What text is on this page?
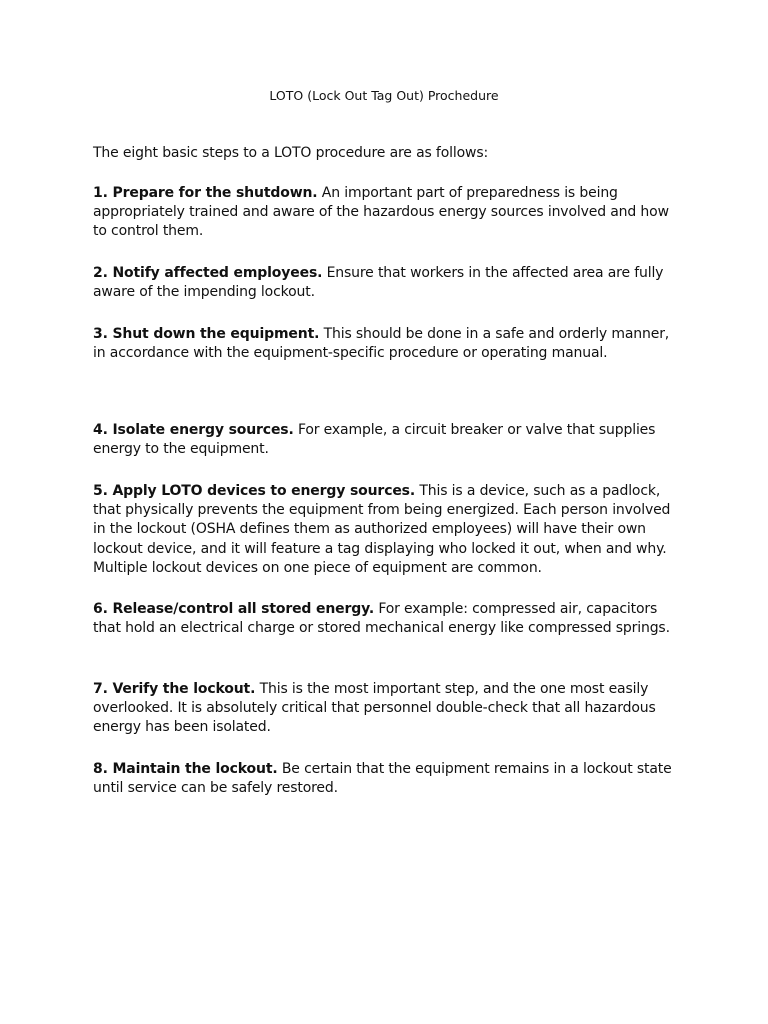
LOTO (Lock Out Tag Out) Prochedure

The eight basic steps to a LOTO procedure are as follows:

1. Prepare for the shutdown. An important part of preparedness is being appropriately trained and aware of the hazardous energy sources involved and how to control them.

2. Notify affected employees. Ensure that workers in the affected area are fully aware of the impending lockout.

3. Shut down the equipment. This should be done in a safe and orderly manner, in accordance with the equipment-specific procedure or operating manual.

4. Isolate energy sources. For example, a circuit breaker or valve that supplies energy to the equipment.

5. Apply LOTO devices to energy sources. This is a device, such as a padlock, that physically prevents the equipment from being energized. Each person involved in the lockout (OSHA defines them as authorized employees) will have their own lockout device, and it will feature a tag displaying who locked it out, when and why. Multiple lockout devices on one piece of equipment are common.

6. Release/control all stored energy. For example: compressed air, capacitors that hold an electrical charge or stored mechanical energy like compressed springs.

7. Verify the lockout. This is the most important step, and the one most easily overlooked. It is absolutely critical that personnel double-check that all hazardous energy has been isolated.

8. Maintain the lockout. Be certain that the equipment remains in a lockout state until service can be safely restored.
